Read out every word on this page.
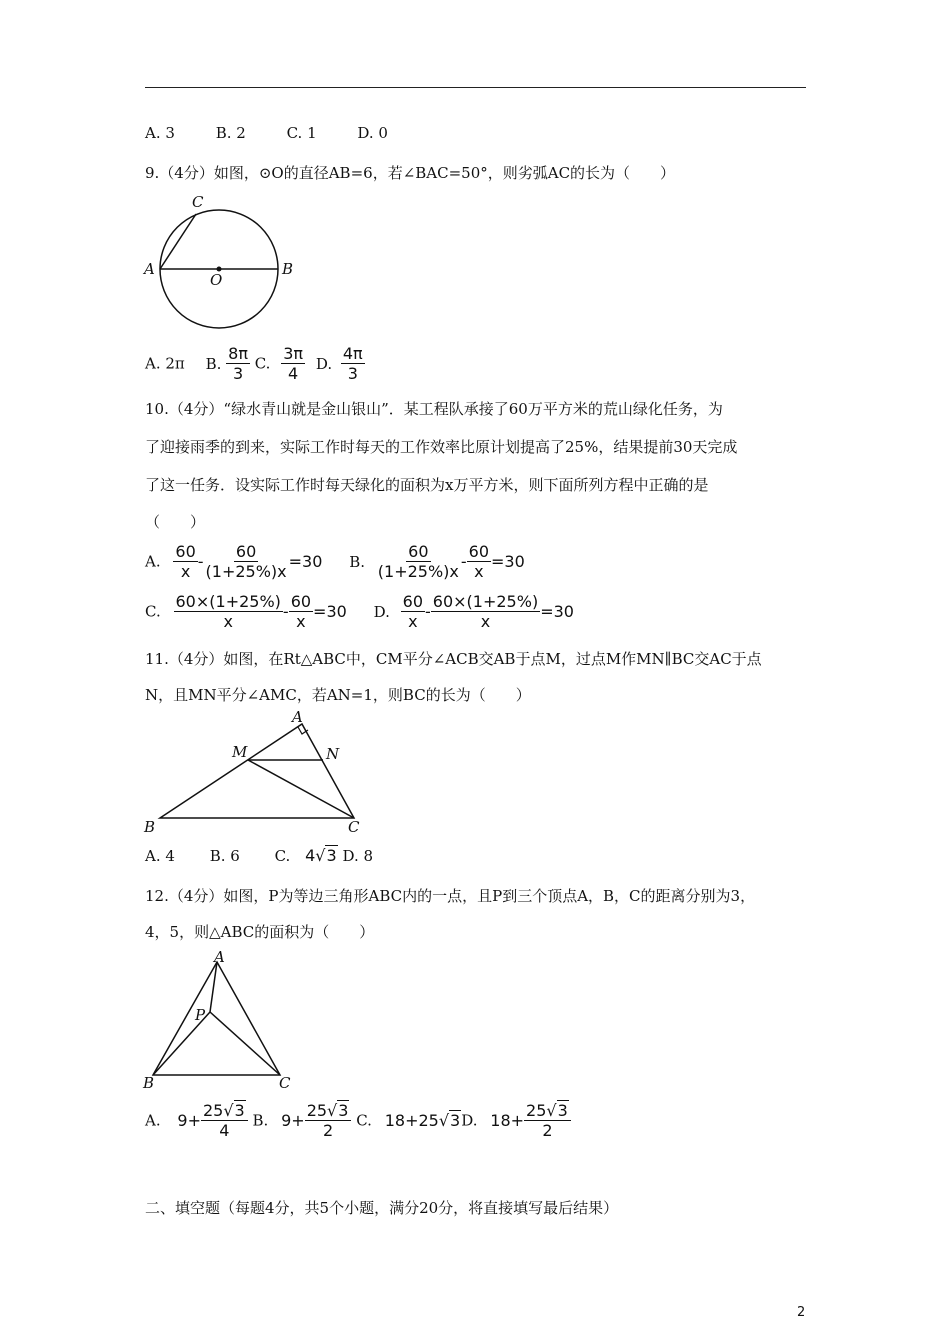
A. 3	B. 2	C. 1	D. 0
9.（4分）如图，⊙O的直径AB=6，若∠BAC=50°，则劣弧AC的长为（　　）
C
A	B
O
A. 2π B. $\frac{8\pi}{3} C$. $\frac{3\pi}{4} D$. $\frac{4\pi}{3}$
10.（4分）“绿水青山就是金山银山”．某工程队承接了60万平方米的荒山绿化任务，为
了迎接雨季的到来，实际工作时每天的工作效率比原计划提高了25%，结果提前30天完成
了这一任务．设实际工作时每天绿化的面积为x万平方米，则下面所列方程中正确的是
（　　）
A. $\frac{60}{x} - \frac{60}{(1+25\%)x} =30$ B. $\frac{60}{(1+25\%)x} - \frac{60}{x} =30$
C. $\frac{60\times(1+25\%)}{x} - \frac{60}{x} =30$ D. $\frac{60}{x} - \frac{60\times(1+25\%)}{x} =30$
11.（4分）如图，在Rt△ABC中，CM平分∠ACB交AB于点M，过点M作MN∥BC交AC于点
N，且MN平分∠AMC，若AN=1，则BC的长为（　　）
A
M	N
B	C
A. 4 B. 6 C. 4√3 D. 8
12.（4分）如图，P为等边三角形ABC内的一点，且P到三个顶点A，B，C的距离分别为3，
4，5，则△ABC的面积为（　　）
A
P
B	C
A. $9+ \frac{25√3}{4} B$. $9+ \frac{25√3}{2} C$. 18+25√3D. $18+ \frac{25√3}{2}$
二、填空题（每题4分，共5个小题，满分20分，将直接填写最后结果）
2
